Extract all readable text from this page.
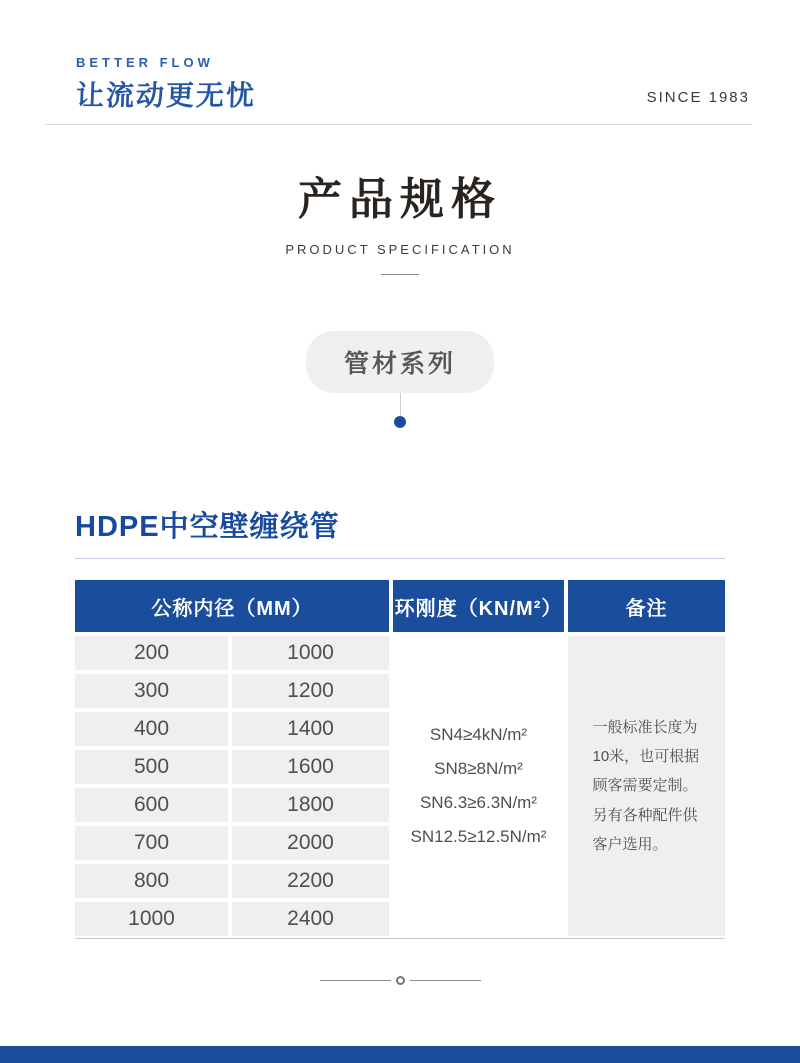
BETTER FLOW
让流动更无忧	SINCE 1983
产品规格
PRODUCT SPECIFICATION
管材系列
HDPE中空壁缠绕管
公称内径（MM）	环刚度（KN/M²）	备注
SN4≥4kN/m²
SN8≥8N/m²
SN6.3≥6.3N/m²
SN12.5≥12.5N/m²
一般标准长度为10米，也可根据顾客需要定制。另有各种配件供客户选用。
200	1000
300	1200
400	1400
500	1600
600	1800
700	2000
800	2200
1000	2400
